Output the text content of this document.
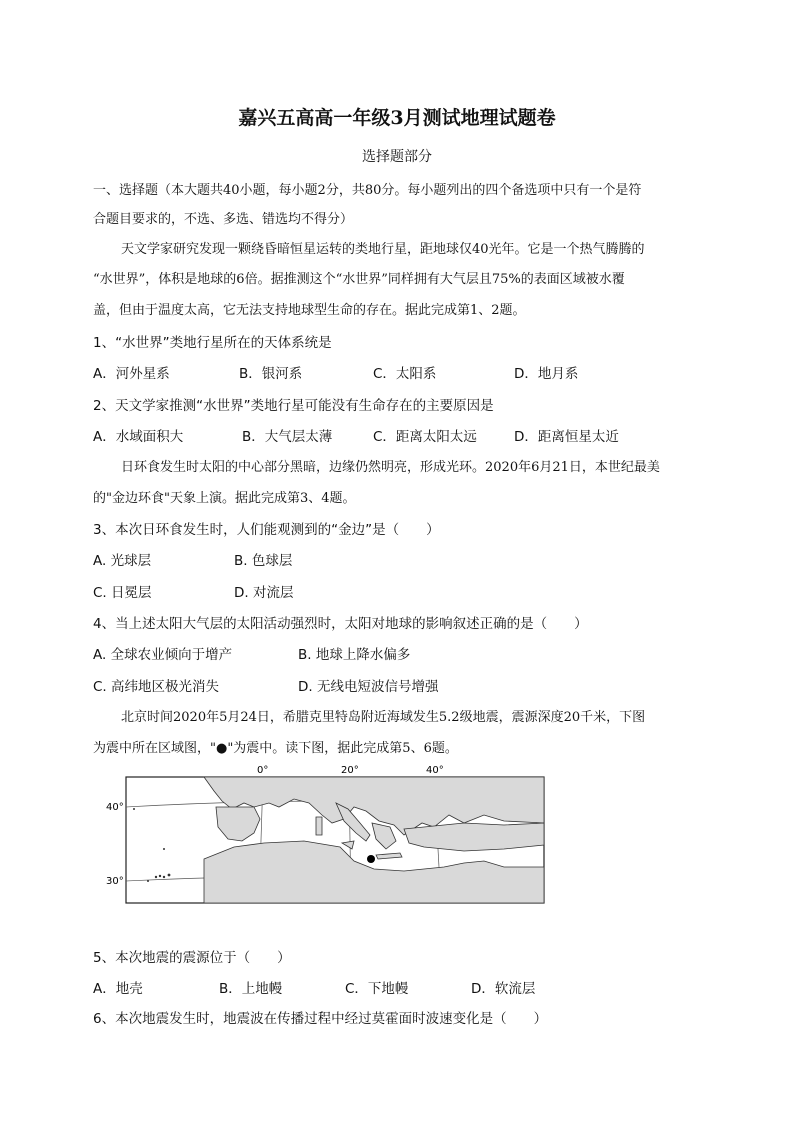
嘉兴五高高一年级3月测试地理试题卷
选择题部分
一、选择题（本大题共40小题，每小题2分，共80分。每小题列出的四个备选项中只有一个是符
合题目要求的，不选、多选、错选均不得分）
天文学家研究发现一颗绕昏暗恒星运转的类地行星，距地球仅40光年。它是一个热气腾腾的
“水世界”，体积是地球的6倍。据推测这个“水世界”同样拥有大气层且75%的表面区域被水覆
盖，但由于温度太高，它无法支持地球型生命的存在。据此完成第1、2题。
1、“水世界”类地行星所在的天体系统是
A．河外星系	B．银河系	C．太阳系	D．地月系
2、天文学家推测“水世界”类地行星可能没有生命存在的主要原因是
A．水域面积大	B．大气层太薄	C．距离太阳太远	D．距离恒星太近
日环食发生时太阳的中心部分黑暗，边缘仍然明亮，形成光环。2020年6月21日，本世纪最美
的"金边环食"天象上演。据此完成第3、4题。
3、本次日环食发生时，人们能观测到的“金边”是（　　）
A. 光球层	B. 色球层
C. 日冕层	D. 对流层
4、当上述太阳大气层的太阳活动强烈时，太阳对地球的影响叙述正确的是（　　）
A. 全球农业倾向于增产	B. 地球上降水偏多
C. 高纬地区极光消失	D. 无线电短波信号增强
北京时间2020年5月24日，希腊克里特岛附近海域发生5.2级地震，震源深度20千米，下图
为震中所在区域图，"●"为震中。读下图，据此完成第5、6题。
0°	20°	40°
40°
30°
5、本次地震的震源位于（　　）
A．地壳	B．上地幔	C．下地幔	D．软流层
6、本次地震发生时，地震波在传播过程中经过莫霍面时波速变化是（　　）
